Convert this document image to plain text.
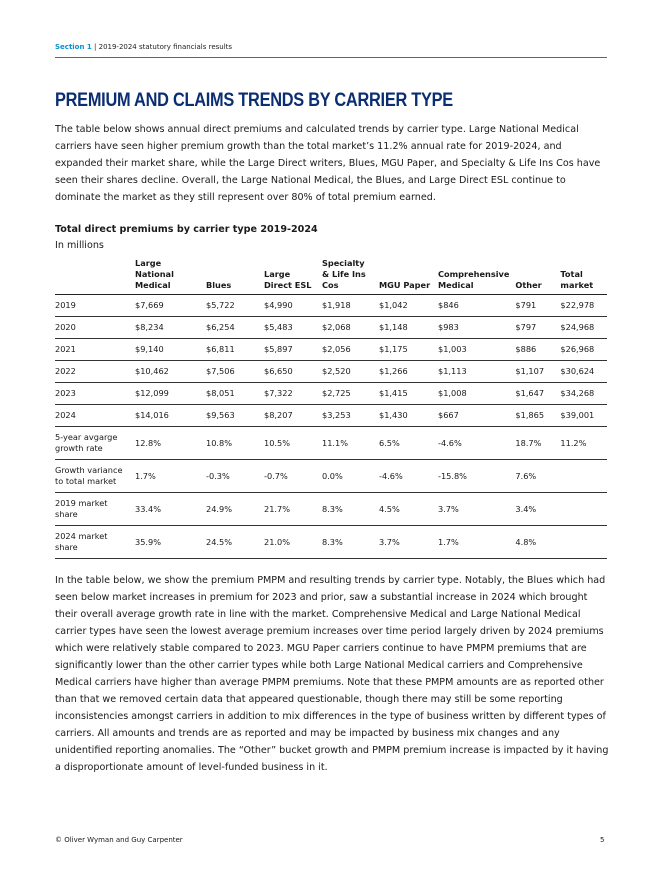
Section 1 | 2019-2024 statutory financials results
PREMIUM AND CLAIMS TRENDS BY CARRIER TYPE

The table below shows annual direct premiums and calculated trends by carrier type. Large National Medical carriers have seen higher premium growth than the total market’s 11.2% annual rate for 2019-2024, and expanded their market share, while the Large Direct writers, Blues, MGU Paper, and Specialty & Life Ins Cos have seen their shares decline. Overall, the Large National Medical, the Blues, and Large Direct ESL continue to dominate the market as they still represent over 80% of total premium earned.

Total direct premiums by carrier type 2019-2024
In millions
	Large National Medical	Blues	Large Direct ESL	Specialty & Life Ins Cos	MGU Paper	Comprehensive Medical	Other	Total market
2019	$7,669	$5,722	$4,990	$1,918	$1,042	$846	$791	$22,978
2020	$8,234	$6,254	$5,483	$2,068	$1,148	$983	$797	$24,968
2021	$9,140	$6,811	$5,897	$2,056	$1,175	$1,003	$886	$26,968
2022	$10,462	$7,506	$6,650	$2,520	$1,266	$1,113	$1,107	$30,624
2023	$12,099	$8,051	$7,322	$2,725	$1,415	$1,008	$1,647	$34,268
2024	$14,016	$9,563	$8,207	$3,253	$1,430	$667	$1,865	$39,001
5-year avgarge growth rate	12.8%	10.8%	10.5%	11.1%	6.5%	-4.6%	18.7%	11.2%
Growth variance to total market	1.7%	-0.3%	-0.7%	0.0%	-4.6%	-15.8%	7.6%	
2019 market share	33.4%	24.9%	21.7%	8.3%	4.5%	3.7%	3.4%	
2024 market share	35.9%	24.5%	21.0%	8.3%	3.7%	1.7%	4.8%	

In the table below, we show the premium PMPM and resulting trends by carrier type. Notably, the Blues which had seen below market increases in premium for 2023 and prior, saw a substantial increase in 2024 which brought their overall average growth rate in line with the market. Comprehensive Medical and Large National Medical carrier types have seen the lowest average premium increases over time period largely driven by 2024 premiums which were relatively stable compared to 2023. MGU Paper carriers continue to have PMPM premiums that are significantly lower than the other carrier types while both Large National Medical carriers and Comprehensive Medical carriers have higher than average PMPM premiums. Note that these PMPM amounts are as reported other than that we removed certain data that appeared questionable, though there may still be some reporting inconsistencies amongst carriers in addition to mix differences in the type of business written by different types of carriers. All amounts and trends are as reported and may be impacted by business mix changes and any unidentified reporting anomalies. The “Other” bucket growth and PMPM premium increase is impacted by it having a disproportionate amount of level-funded business in it.

© Oliver Wyman and Guy Carpenter	5
